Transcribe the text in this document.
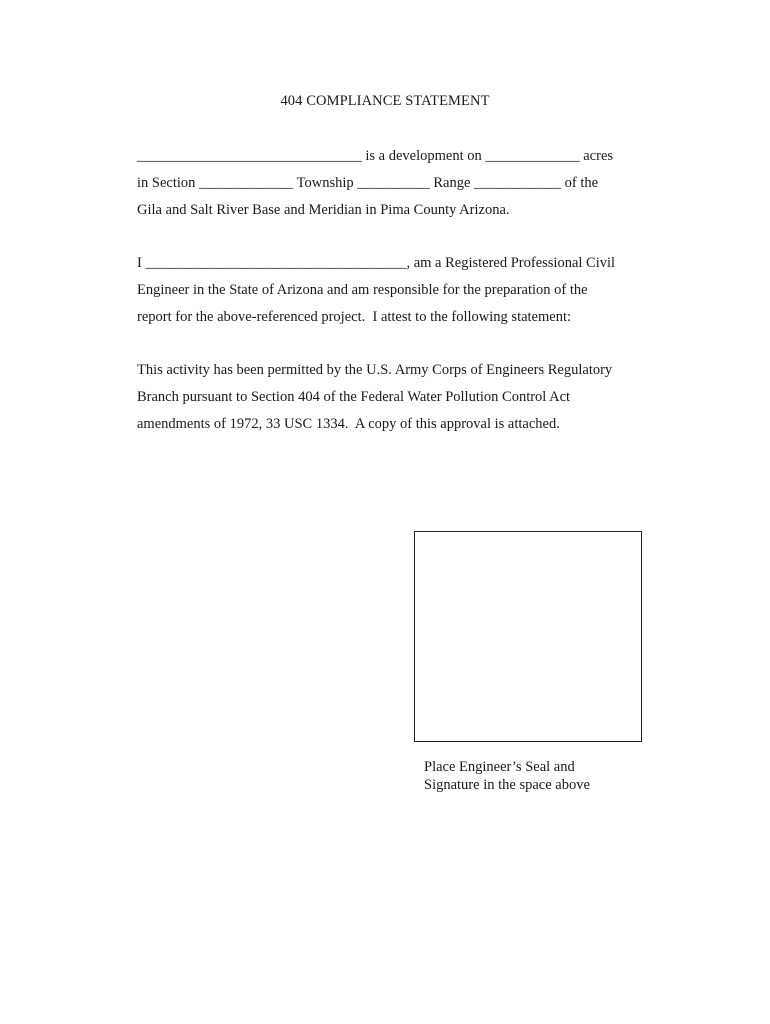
404 COMPLIANCE STATEMENT
_______________________________ is a development on _____________ acres
in Section _____________ Township __________ Range ____________ of the
Gila and Salt River Base and Meridian in Pima County Arizona.
I ____________________________________, am a Registered Professional Civil
Engineer in the State of Arizona and am responsible for the preparation of the
report for the above-referenced project.  I attest to the following statement:
This activity has been permitted by the U.S. Army Corps of Engineers Regulatory
Branch pursuant to Section 404 of the Federal Water Pollution Control Act
amendments of 1972, 33 USC 1334.  A copy of this approval is attached.
Place Engineer’s Seal and
Signature in the space above
